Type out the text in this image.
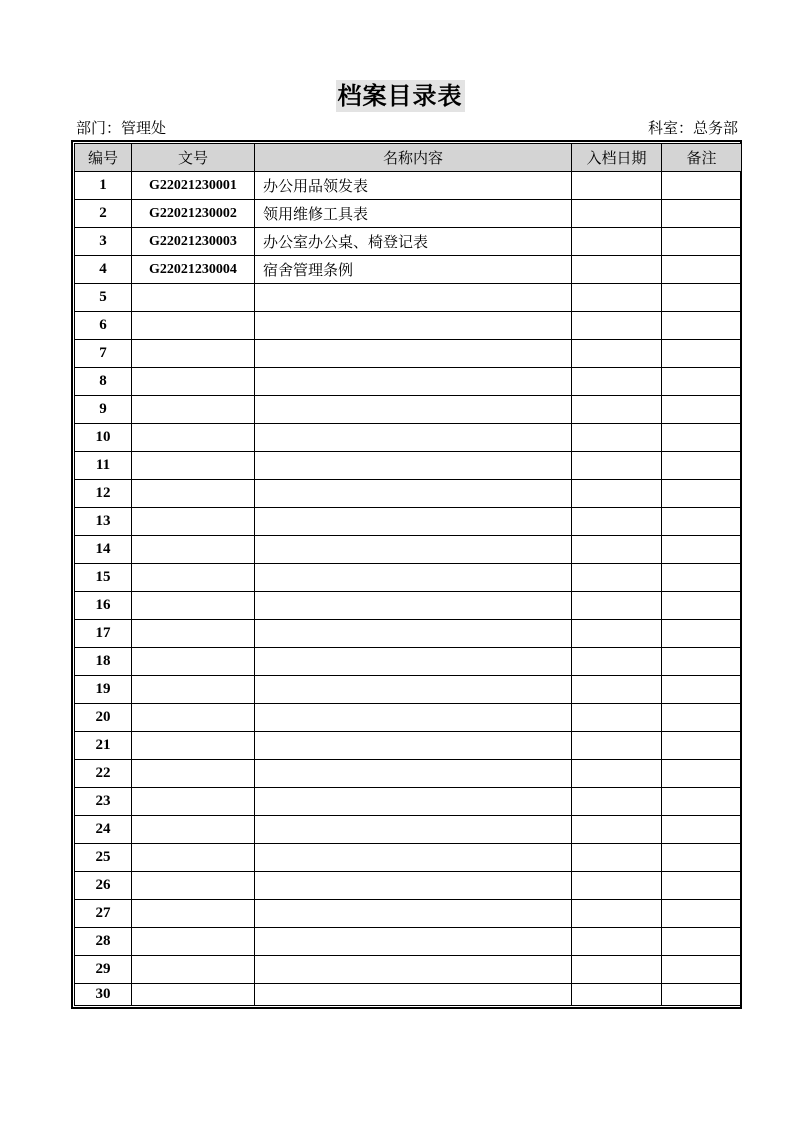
档案目录表
部门：管理处	科室：总务部
编号	文号	名称内容	入档日期	备注
1	G22021230001	办公用品领发表		
2	G22021230002	领用维修工具表		
3	G22021230003	办公室办公桌、椅登记表		
4	G22021230004	宿舍管理条例		
5				
6				
7				
8				
9				
10				
11				
12				
13				
14				
15				
16				
17				
18				
19				
20				
21				
22				
23				
24				
25				
26				
27				
28				
29				
30				
